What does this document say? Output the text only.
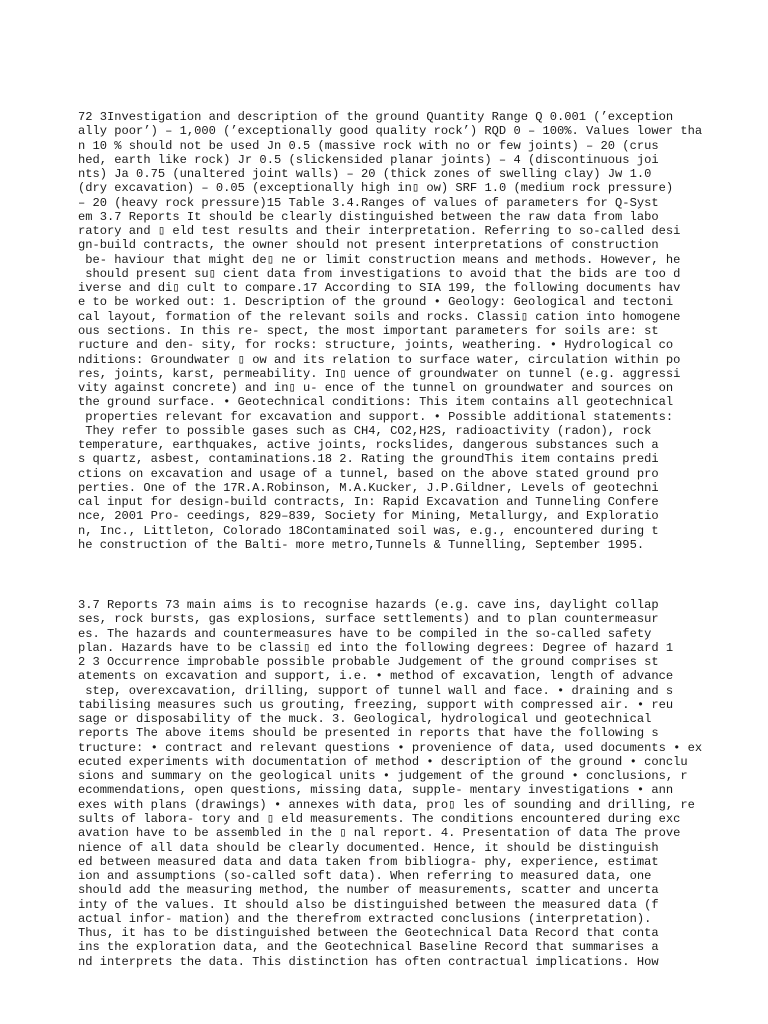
72 3Investigation and description of the ground Quantity Range Q 0.001 (’exception
ally poor’) – 1,000 (’exceptionally good quality rock’) RQD 0 – 100%. Values lower tha
n 10 % should not be used Jn 0.5 (massive rock with no or few joints) – 20 (crus
hed, earth like rock) Jr 0.5 (slickensided planar joints) – 4 (discontinuous joi
nts) Ja 0.75 (unaltered joint walls) – 20 (thick zones of swelling clay) Jw 1.0
(dry excavation) – 0.05 (exceptionally high in▯ ow) SRF 1.0 (medium rock pressure)
– 20 (heavy rock pressure)15 Table 3.4.Ranges of values of parameters for Q-Syst
em 3.7 Reports It should be clearly distinguished between the raw data from labo
ratory and ▯ eld test results and their interpretation. Referring to so-called desi
gn-build contracts, the owner should not present interpretations of construction
be- haviour that might de▯ ne or limit construction means and methods. However, he
should present su▯ cient data from investigations to avoid that the bids are too d
iverse and di▯ cult to compare.17 According to SIA 199, the following documents hav
e to be worked out: 1. Description of the ground • Geology: Geological and tectoni
cal layout, formation of the relevant soils and rocks. Classi▯ cation into homogene
ous sections. In this re- spect, the most important parameters for soils are: st
ructure and den- sity, for rocks: structure, joints, weathering. • Hydrological co
nditions: Groundwater ▯ ow and its relation to surface water, circulation within po
res, joints, karst, permeability. In▯ uence of groundwater on tunnel (e.g. aggressi
vity against concrete) and in▯ u- ence of the tunnel on groundwater and sources on
the ground surface. • Geotechnical conditions: This item contains all geotechnical
properties relevant for excavation and support. • Possible additional statements:
They refer to possible gases such as CH4, CO2,H2S, radioactivity (radon), rock
temperature, earthquakes, active joints, rockslides, dangerous substances such a
s quartz, asbest, contaminations.18 2. Rating the groundThis item contains predi
ctions on excavation and usage of a tunnel, based on the above stated ground pro
perties. One of the 17R.A.Robinson, M.A.Kucker, J.P.Gildner, Levels of geotechni
cal input for design-build contracts, In: Rapid Excavation and Tunneling Confere
nce, 2001 Pro- ceedings, 829–839, Society for Mining, Metallurgy, and Exploratio
n, Inc., Littleton, Colorado 18Contaminated soil was, e.g., encountered during t
he construction of the Balti- more metro,Tunnels & Tunnelling, September 1995.
3.7 Reports 73 main aims is to recognise hazards (e.g. cave ins, daylight collap
ses, rock bursts, gas explosions, surface settlements) and to plan countermeasur
es. The hazards and countermeasures have to be compiled in the so-called safety
plan. Hazards have to be classi▯ ed into the following degrees: Degree of hazard 1
2 3 Occurrence improbable possible probable Judgement of the ground comprises st
atements on excavation and support, i.e. • method of excavation, length of advance
step, overexcavation, drilling, support of tunnel wall and face. • draining and s
tabilising measures such us grouting, freezing, support with compressed air. • reu
sage or disposability of the muck. 3. Geological, hydrological und geotechnical
reports The above items should be presented in reports that have the following s
tructure: • contract and relevant questions • provenience of data, used documents • ex
ecuted experiments with documentation of method • description of the ground • conclu
sions and summary on the geological units • judgement of the ground • conclusions, r
ecommendations, open questions, missing data, supple- mentary investigations • ann
exes with plans (drawings) • annexes with data, pro▯ les of sounding and drilling, re
sults of labora- tory and ▯ eld measurements. The conditions encountered during exc
avation have to be assembled in the ▯ nal report. 4. Presentation of data The prove
nience of all data should be clearly documented. Hence, it should be distinguish
ed between measured data and data taken from bibliogra- phy, experience, estimat
ion and assumptions (so-called soft data). When referring to measured data, one
should add the measuring method, the number of measurements, scatter and uncerta
inty of the values. It should also be distinguished between the measured data (f
actual infor- mation) and the therefrom extracted conclusions (interpretation).
Thus, it has to be distinguished between the Geotechnical Data Record that conta
ins the exploration data, and the Geotechnical Baseline Record that summarises a
nd interprets the data. This distinction has often contractual implications. How
